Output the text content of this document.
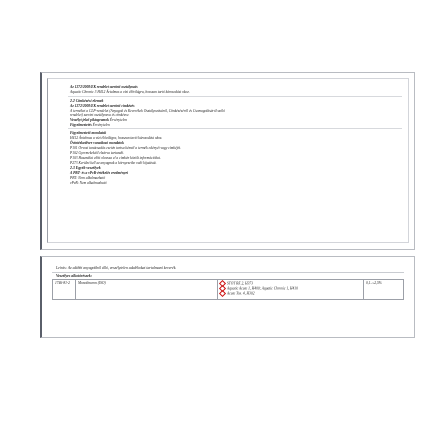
Az 1272/2008/EK rendelet szerinti osztályozás
Aquatic Chronic 3 H412 Ártalmas a vízi élővilágra, hosszan tartó károsodást okoz.
2.2 Címkézési elemek
Az 1272/2008/EK rendelet szerinti címkézés
A terméket a CLP-rendelet (Anyagok és Keverékek Osztályozásáról, Címkézéséről és Csomagolásáról szóló
rendelet) szerint osztályozva és címkézve.
Veszélyt jelző piktogramok Érvénytelen
Figyelmeztetés Érvénytelen
Figyelmeztető mondatok
H412 Ártalmas a vízi élővilágra, hosszan tartó károsodást okoz.
Óvintézkedésre vonatkozó mondatok
P101 Orvosi tanácsadás esetén tartsa kéznél a termék edényét vagy címkéjét.
P102 Gyermekektől elzárva tartandó.
P103 Használat előtt olvassa el a címkén közölt információkat.
P273 Kerülni kell az anyagnak a környezetbe való kijutását.
2.3 Egyéb veszélyek
A PBT- és a vPvB-értékelés eredményei
PBT: Nem alkalmazható
vPvB: Nem alkalmazható
Leírás: Az alábbi anyagokból álló, veszélytelen adalékokat tartalmazó keverék.
Veszélyes alkotórészek:
1746-81-2 Monolinuron (ISO)	STOT RE 2, H373
Aquatic Acute 1, H400; Aquatic Chronic 1, H410
Acute Tox. 4, H302
0,1–≤2,5%
